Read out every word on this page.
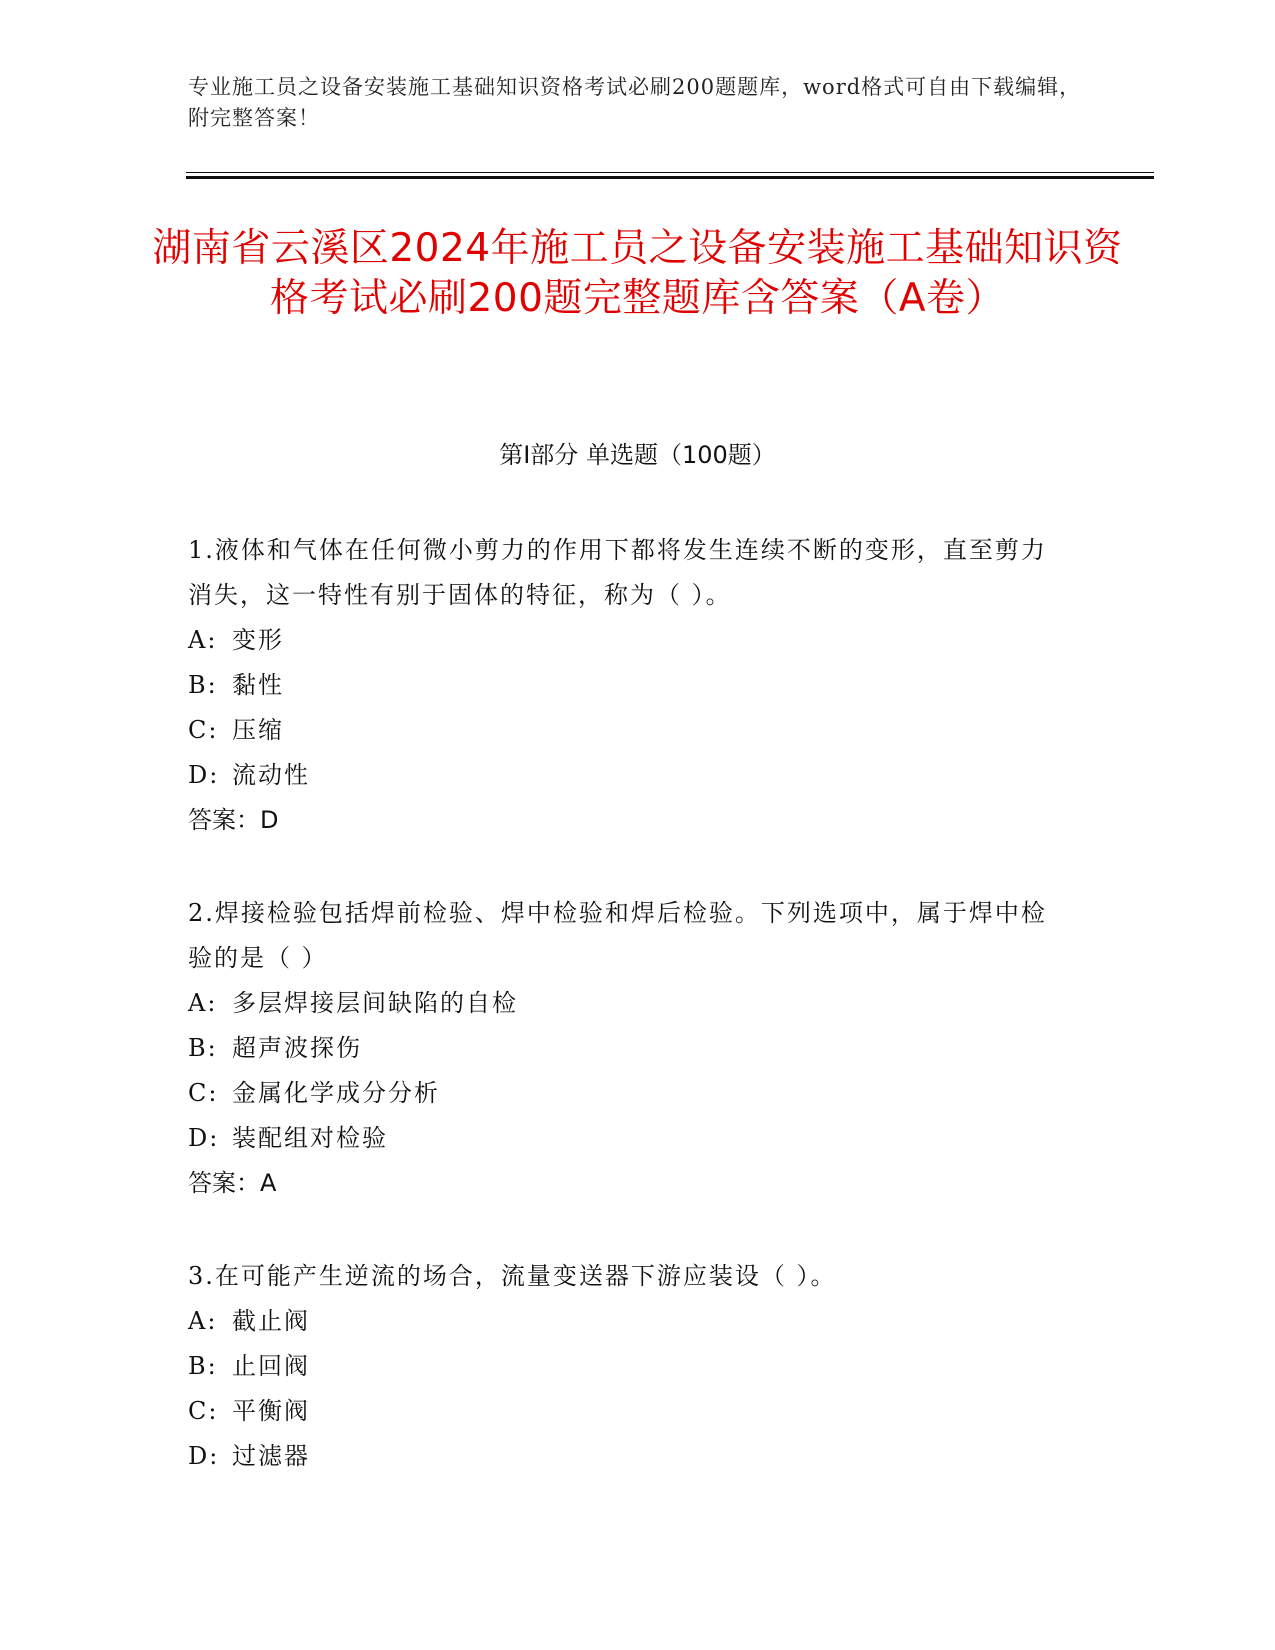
专业施工员之设备安装施工基础知识资格考试必刷200题题库，word格式可自由下载编辑，附完整答案！
湖南省云溪区2024年施工员之设备安装施工基础知识资格考试必刷200题完整题库含答案（A卷）
第Ⅰ部分 单选题（100题）
1.液体和气体在任何微小剪力的作用下都将发生连续不断的变形，直至剪力消失，这一特性有别于固体的特征，称为（ ）。
A: 变形
B: 黏性
C: 压缩
D: 流动性
答案：D
2.焊接检验包括焊前检验、焊中检验和焊后检验。下列选项中，属于焊中检验的是（ ）
A: 多层焊接层间缺陷的自检
B: 超声波探伤
C: 金属化学成分分析
D: 装配组对检验
答案：A
3.在可能产生逆流的场合，流量变送器下游应装设（ ）。
A: 截止阀
B: 止回阀
C: 平衡阀
D: 过滤器
